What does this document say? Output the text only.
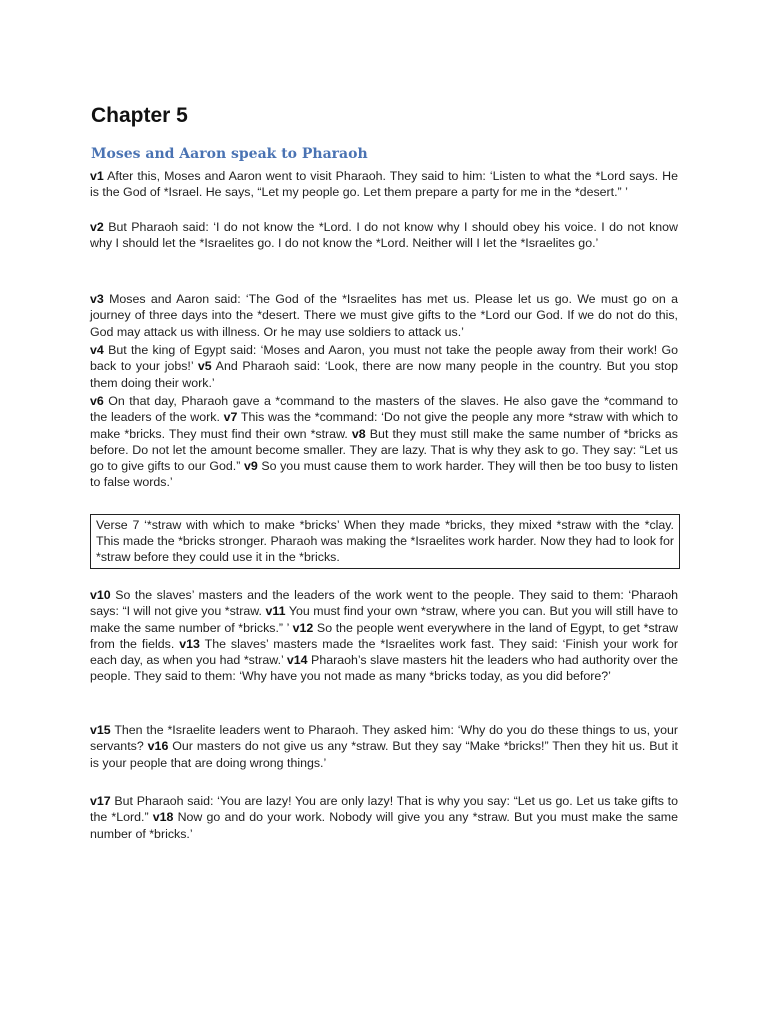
Chapter 5
Moses and Aaron speak to Pharaoh

v1 After this, Moses and Aaron went to visit Pharaoh. They said to him: ‘Listen to what the *Lord says. He is the God of *Israel. He says, “Let my people go. Let them prepare a party for me in the *desert.” ’

v2 But Pharaoh said: ‘I do not know the *Lord. I do not know why I should obey his voice. I do not know why I should let the *Israelites go. I do not know the *Lord. Neither will I let the *Israelites go.’

v3 Moses and Aaron said: ‘The God of the *Israelites has met us. Please let us go. We must go on a journey of three days into the *desert. There we must give gifts to the *Lord our God. If we do not do this, God may attack us with illness. Or he may use soldiers to attack us.’

v4 But the king of Egypt said: ‘Moses and Aaron, you must not take the people away from their work! Go back to your jobs!’ v5 And Pharaoh said: ‘Look, there are now many people in the country. But you stop them doing their work.’

v6 On that day, Pharaoh gave a *command to the masters of the slaves. He also gave the *command to the leaders of the work. v7 This was the *command: ‘Do not give the people any more *straw with which to make *bricks. They must find their own *straw. v8 But they must still make the same number of *bricks as before. Do not let the amount become smaller. They are lazy. That is why they ask to go. They say: “Let us go to give gifts to our God.” v9 So you must cause them to work harder. They will then be too busy to listen to false words.’

Verse 7 ‘*straw with which to make *bricks’ When they made *bricks, they mixed *straw with the *clay. This made the *bricks stronger. Pharaoh was making the *Israelites work harder. Now they had to look for *straw before they could use it in the *bricks.

v10 So the slaves’ masters and the leaders of the work went to the people. They said to them: ‘Pharaoh says: “I will not give you *straw. v11 You must find your own *straw, where you can. But you will still have to make the same number of *bricks.” ’ v12 So the people went everywhere in the land of Egypt, to get *straw from the fields. v13 The slaves’ masters made the *Israelites work fast. They said: ‘Finish your work for each day, as when you had *straw.’ v14 Pharaoh’s slave masters hit the leaders who had authority over the people. They said to them: ‘Why have you not made as many *bricks today, as you did before?’

v15 Then the *Israelite leaders went to Pharaoh. They asked him: ‘Why do you do these things to us, your servants? v16 Our masters do not give us any *straw. But they say “Make *bricks!” Then they hit us. But it is your people that are doing wrong things.’

v17 But Pharaoh said: ‘You are lazy! You are only lazy! That is why you say: “Let us go. Let us take gifts to the *Lord.” v18 Now go and do your work. Nobody will give you any *straw. But you must make the same number of *bricks.’
